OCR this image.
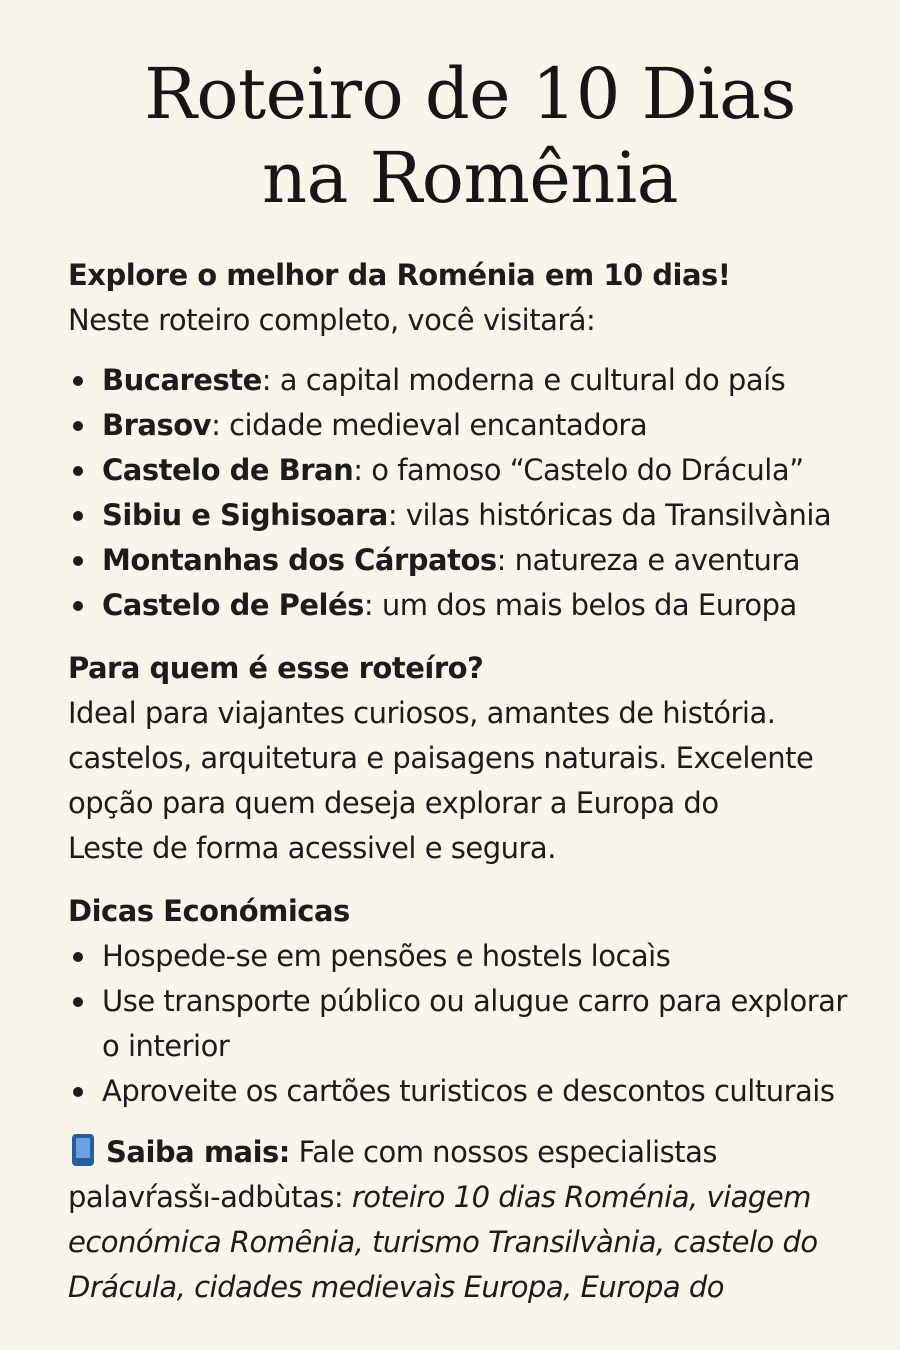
Roteiro de 10 Dias
na Romênia

Explore o melhor da Roménia em 10 dias!

Neste roteiro completo, você visitará:

Bucareste: a capital moderna e cultural do país
Brasov: cidade medieval encantadora
Castelo de Bran: o famoso “Castelo do Drácula”
Sibiu e Sighisoara: vilas históricas da Transilvània
Montanhas dos Cárpatos: natureza e aventura
Castelo de Pelés: um dos mais belos da Europa

Para quem é esse roteíro?

Ideal para viajantes curiosos, amantes de história.
castelos, arquitetura e paisagens naturais. Excelente
opção para quem deseja explorar a Europa do
Leste de forma acessivel e segura.

Dicas Económicas

Hospede-se em pensões e hostels locaìs
Use transporte público ou alugue carro para explorar o interior
Aproveite os cartões turisticos e descontos culturais

Saiba mais: Fale com nossos especialistas
palavŕasšı-adbùtas: roteiro 10 dias Roménia, viagem económica Romȇnia, turismo Transilvània, castelo do Drácula, cidades medievaìs Europa, Europa do
